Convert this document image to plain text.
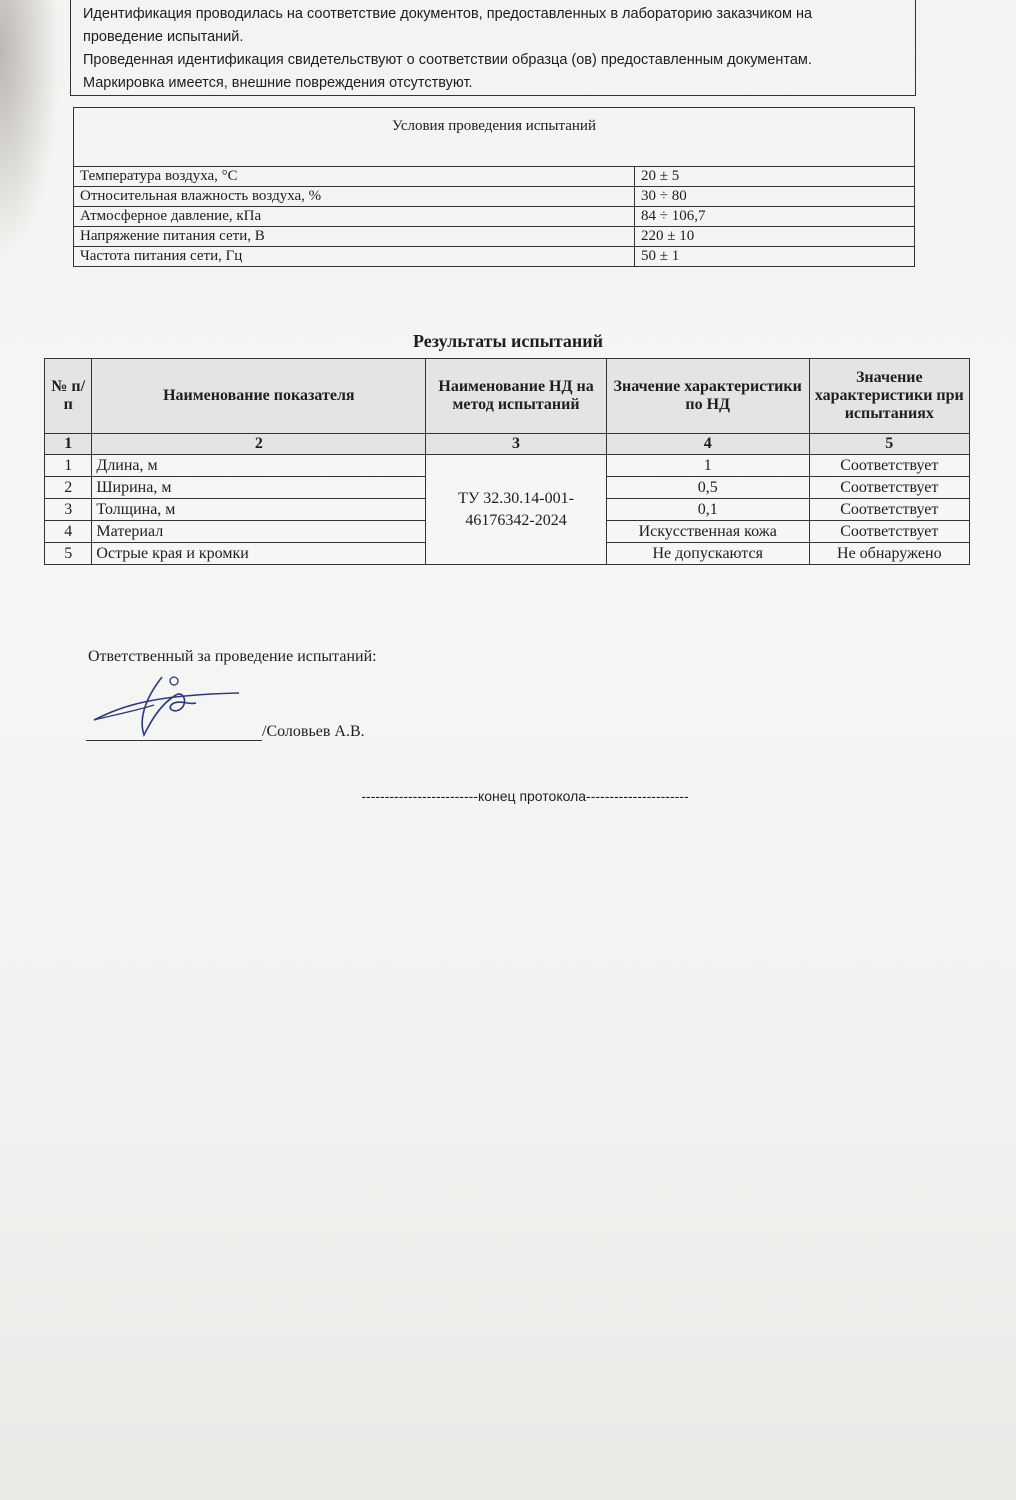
Идентификация проводилась на соответствие документов, предоставленных в лабораторию заказчиком на

проведение испытаний.

Проведенная идентификация свидетельствуют о соответствии образца (ов) предоставленным документам.

Маркировка имеется, внешние повреждения отсутствуют.

Условия проведения испытаний	
Температура воздуха, °С	20 ± 5
Относительная влажность воздуха, %	30 ÷ 80
Атмосферное давление, кПа	84 ÷ 106,7
Напряжение питания сети, В	220 ± 10
Частота питания сети, Гц	50 ± 1
Результаты испытаний
№ п/п	Наименование показателя	Наименование НД на метод испытаний	Значение характеристики по НД	Значение характеристики при испытаниях
1	2	3	4	5
1	Длина, м	ТУ 32.30.14-001-46176342-2024	1	Соответствует
2	Ширина, м		0,5	Соответствует
3	Толщина, м		0,1	Соответствует
4	Материал		Искусственная кожа	Соответствует
5	Острые края и кромки		Не допускаются	Не обнаружено
Ответственный за проведение испытаний:
/Соловьев А.В.
-------------------------конец протокола----------------------
